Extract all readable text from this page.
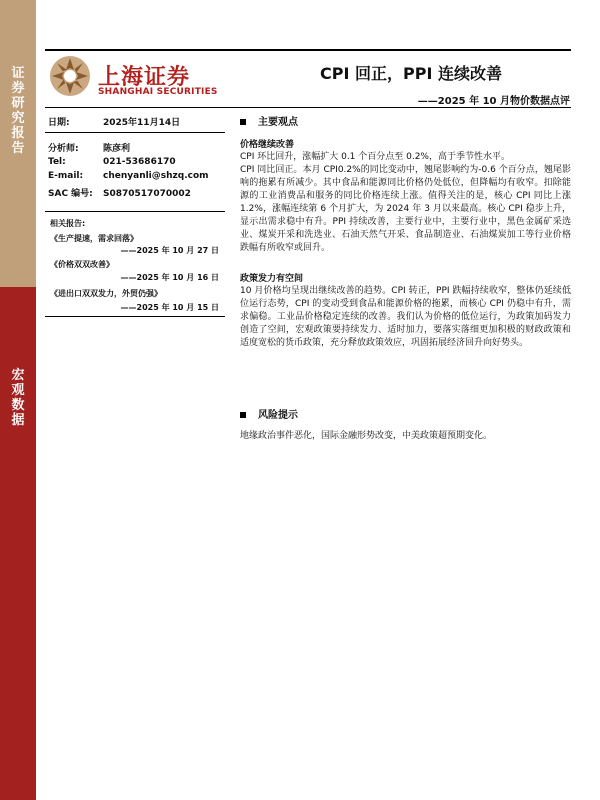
证券研究报告
宏观数据
上海证券
SHANGHAI SECURITIES
CPI 回正，PPI 连续改善
——2025 年 10 月物价数据点评
日期:	2025年11月14日
分析师:	陈彦利
Tel:	021-53686170
E-mail: chenyanli@shzq.com
SAC 编号: S0870517070002
相关报告:
《生产提速，需求回落》
——2025 年 10 月 27 日
《价格双双改善》
——2025 年 10 月 16 日
《进出口双双发力，外贸仍强》
——2025 年 10 月 15 日
主要观点
价格继续改善

CPI 环比回升，涨幅扩大 0.1 个百分点至 0.2%，高于季节性水平。

CPI 同比回正。本月 CPI0.2%的同比变动中，翘尾影响约为-0.6 个百分点，翘尾影响的拖累有所减少。其中食品和能源同比价格仍处低位，但降幅均有收窄。扣除能源的工业消费品和服务的同比价格连续上涨。值得关注的是，核心 CPI 同比上涨 1.2%，涨幅连续第 6 个月扩大，为 2024 年 3 月以来最高。核心 CPI 稳步上升，显示出需求稳中有升。PPI 持续改善，主要行业中，主要行业中，黑色金属矿采选业、煤炭开采和洗选业、石油天然气开采、食品制造业、石油煤炭加工等行业价格跌幅有所收窄或回升。

政策发力有空间

10 月价格均呈现出继续改善的趋势。CPI 转正，PPI 跌幅持续收窄，整体仍延续低位运行态势，CPI 的变动受到食品和能源价格的拖累，而核心 CPI 仍稳中有升，需求偏稳。工业品价格稳定连续的改善。我们认为价格的低位运行，为政策加码发力创造了空间，宏观政策要持续发力、适时加力，要落实落细更加积极的财政政策和适度宽松的货币政策，充分释放政策效应，巩固拓展经济回升向好势头。

风险提示

地缘政治事件恶化，国际金融形势改变，中美政策超预期变化。
